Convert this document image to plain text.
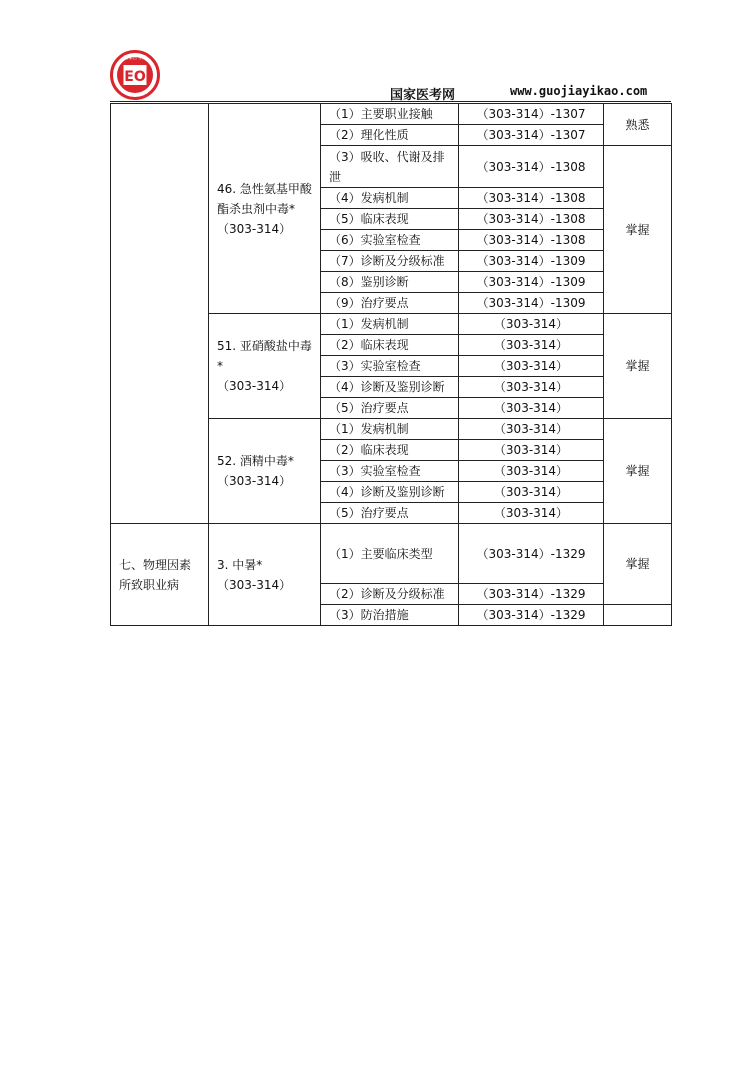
EO
国家医考网
国家医考网	www.guojiayikao.com

	46. 急性氨基甲酸酯杀虫剂中毒*
（303-314）	（1）主要职业接触	（303-314）-1307	熟悉
		（2）理化性质	（303-314）-1307	
		（3）吸收、代谢及排泄	（303-314）-1308	掌握
		（4）发病机制	（303-314）-1308	
		（5）临床表现	（303-314）-1308	
		（6）实验室检查	（303-314）-1308	
		（7）诊断及分级标准	（303-314）-1309	
		（8）鉴别诊断	（303-314）-1309	
		（9）治疗要点	（303-314）-1309	

	51. 亚硝酸盐中毒*
（303-314）	（1）发病机制	（303-314）	掌握
		（2）临床表现	（303-314）	
		（3）实验室检查	（303-314）	
		（4）诊断及鉴别诊断	（303-314）	
		（5）治疗要点	（303-314）	

	52. 酒精中毒*
（303-314）	（1）发病机制	（303-314）	掌握
		（2）临床表现	（303-314）	
		（3）实验室检查	（303-314）	
		（4）诊断及鉴别诊断	（303-314）	
		（5）治疗要点	（303-314）	
七、物理因素所致职业病	3. 中暑*
（303-314）	（1）主要临床类型	（303-314）-1329	掌握
		（2）诊断及分级标准	（303-314）-1329	
		（3）防治措施	（303-314）-1329	
